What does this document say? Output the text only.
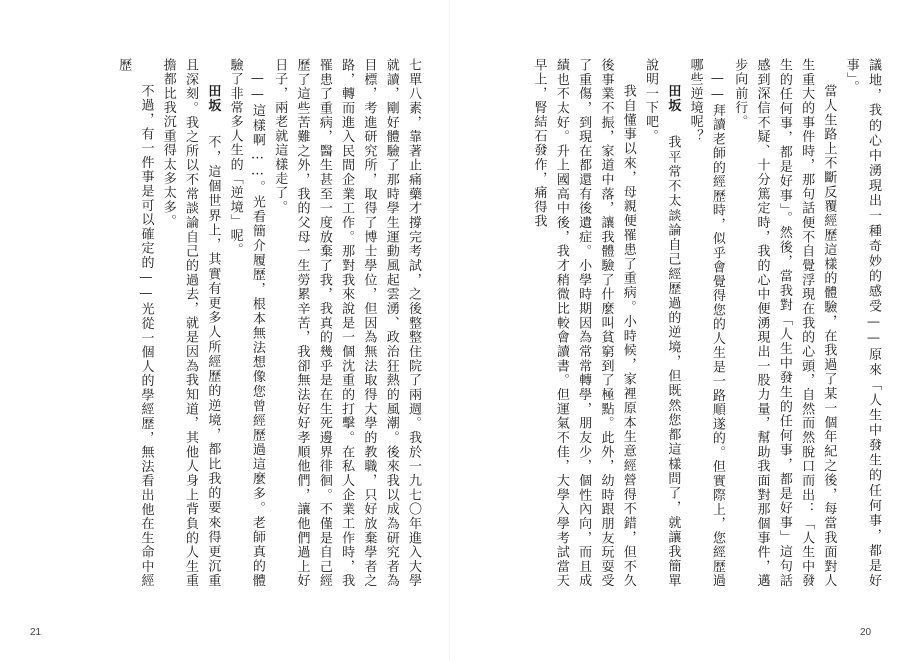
七單八素，靠著止痛藥才撐完考試，之後整整住院了兩週。我於一九七〇年進入大學就讀，剛好體驗了那時學生運動風起雲湧、政治狂熱的風潮。後來我以成為研究者為目標，考進研究所，取得了博士學位，但因為無法取得大學的教職，只好放棄學者之路，轉而進入民間企業工作。那對我來說是一個沈重的打擊。在私人企業工作時，我罹患了重病，醫生甚至一度放棄了我，我真的幾乎是在生死邊界徘徊。不僅是自己經歷了這些苦難之外，我的父母一生勞累辛苦，我卻無法好好孝順他們，讓他們過上好日子，兩老就這樣走了。

——這樣啊……。光看簡介履歷，根本無法想像您曾經歷過這麼多。老師真的體驗了非常多人生的「逆境」呢。

田坂　不，這個世界上，其實有更多人所經歷的逆境，都比我的要來得更沉重且深刻。我之所以不常談論自己的過去，就是因為我知道，其他人身上背負的人生重擔都比我沉重得太多太多。

不過，有一件事是可以確定的——光從一個人的學經歷，無法看出他在生命中經歷

21

議地，我的心中湧現出一種奇妙的感受——原來「人生中發生的任何事，都是好事」。

當人生路上不斷反覆經歷這樣的體驗，在我過了某一個年紀之後，每當我面對人生重大的事件時，那句話便不自覺浮現在我的心頭，自然而然脫口而出：「人生中發生的任何事，都是好事」。然後，當我對「人生中發生的任何事，都是好事」這句話感到深信不疑、十分篤定時，我的心中便湧現出一股力量，幫助我面對那個事件，邁步向前行。

——拜讀老師的經歷時，似乎會覺得您的人生是一路順遂的。但實際上，您經歷過哪些逆境呢？

田坂　我平常不太談論自己經歷過的逆境，但既然您都這樣問了，就讓我簡單說明一下吧。

我自懂事以來，母親便罹患了重病。小時候，家裡原本生意經營得不錯，但不久後事業不振，家道中落，讓我體驗了什麼叫貧窮到了極點。此外，幼時跟朋友玩耍受了重傷，到現在都還有後遺症。小學時期因為常常轉學，朋友少，個性內向，而且成績也不太好。升上國高中後，我才稍微比較會讀書。但運氣不佳，大學入學考試當天早上，腎結石發作，痛得我

20
